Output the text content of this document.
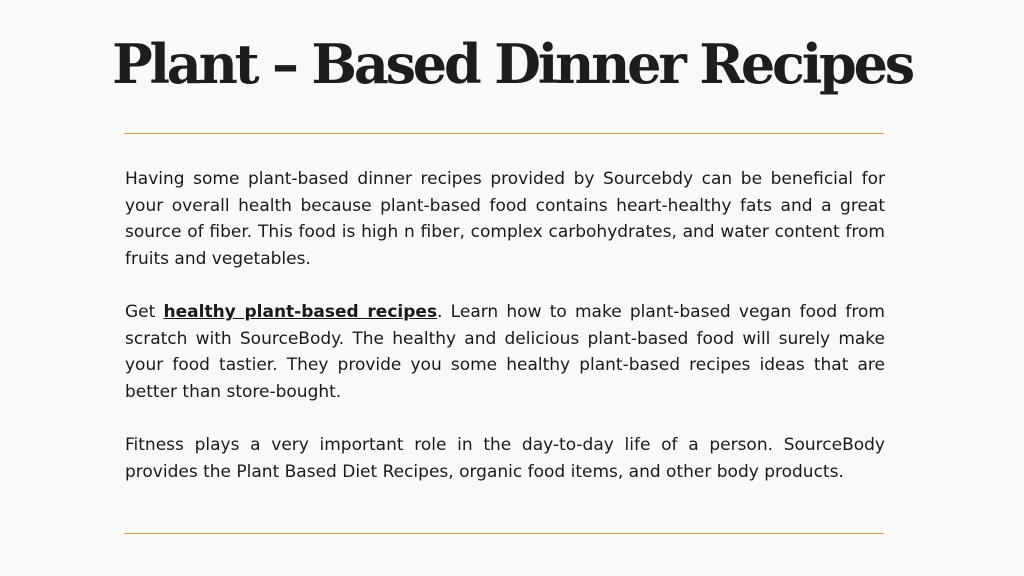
Plant – Based Dinner Recipes

Having some plant-based dinner recipes provided by Sourcebdy can be beneficial for your overall health because plant-based food contains heart-healthy fats and a great source of fiber. This food is high n fiber, complex carbohydrates, and water content from fruits and vegetables.

Get healthy plant-based recipes. Learn how to make plant-based vegan food from scratch with SourceBody. The healthy and delicious plant-based food will surely make your food tastier. They provide you some healthy plant-based recipes ideas that are better than store-bought.

Fitness plays a very important role in the day-to-day life of a person. SourceBody provides the Plant Based Diet Recipes, organic food items, and other body products.
